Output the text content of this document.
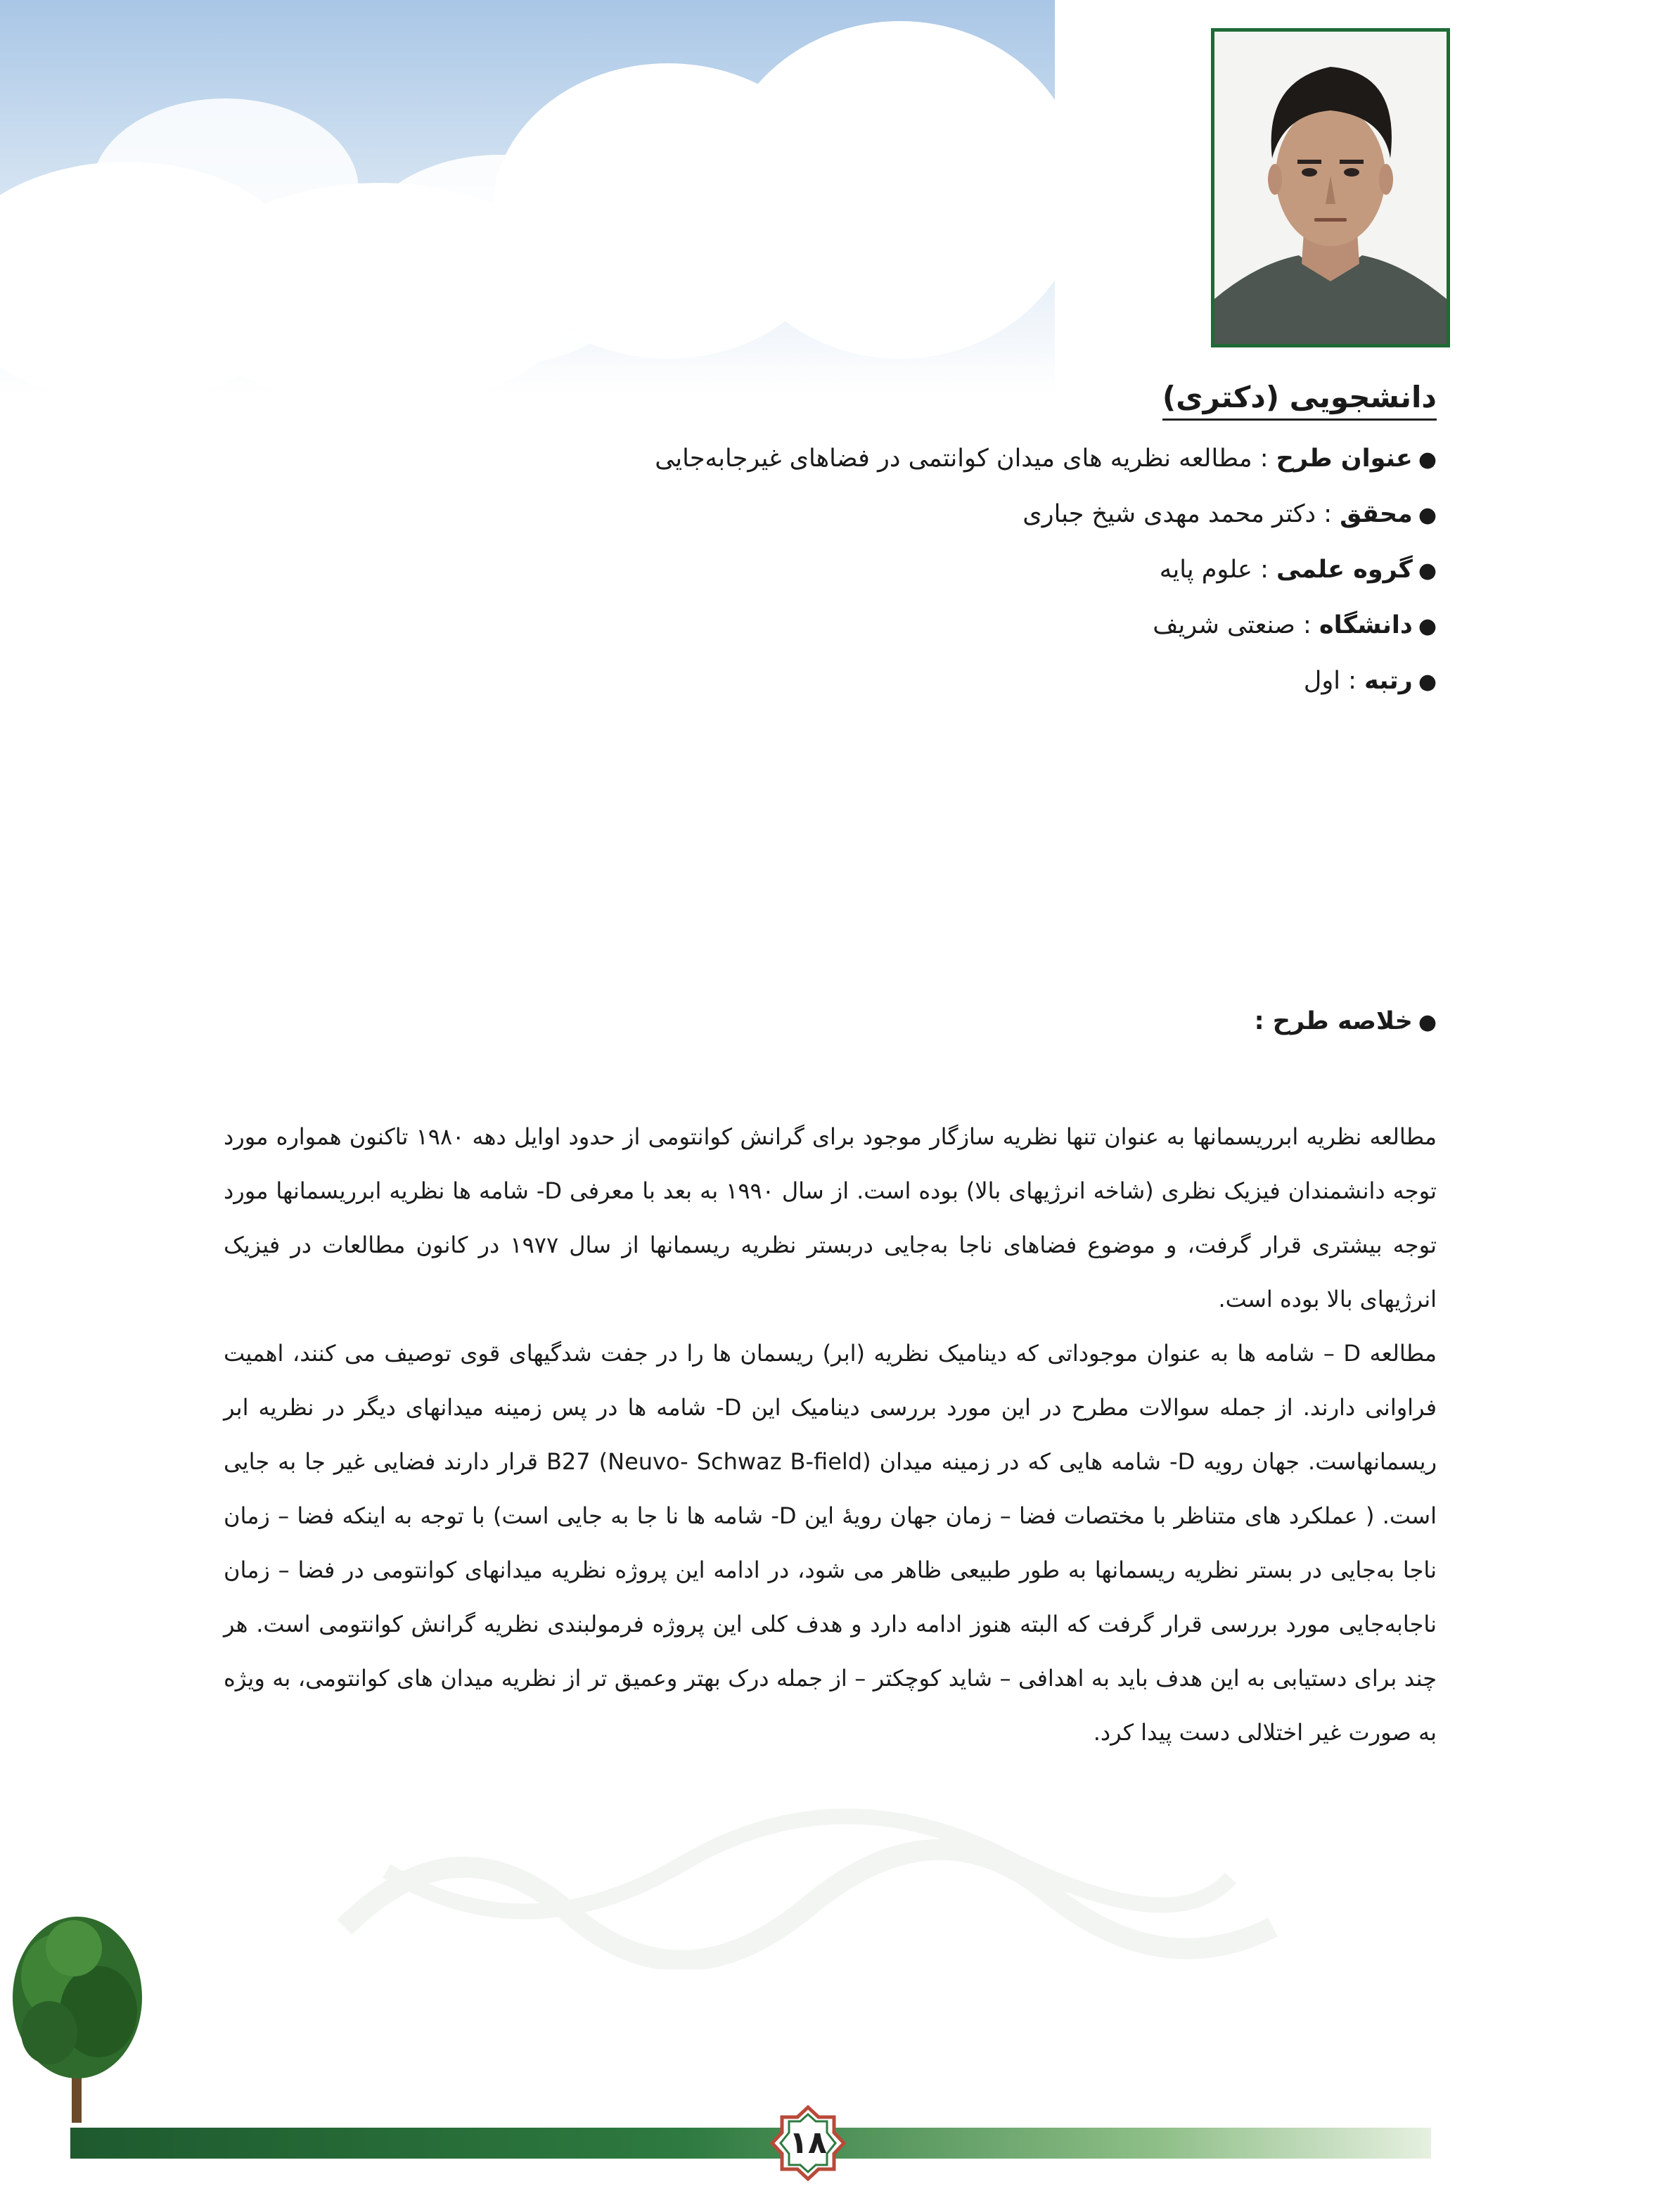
دانشجویی (دکتری)
●عنوان طرح : مطالعه نظریه های میدان کوانتمی در فضاهای غیرجابه‌جایی
●محقق : دکتر محمد مهدی شیخ جباری
●گروه علمی : علوم پایه
●دانشگاه : صنعتی شریف
●رتبه : اول
●خلاصه طرح :

مطالعه نظریه ابرریسمانها به عنوان تنها نظریه سازگار موجود برای گرانش کوانتومی از حدود اوایل دهه ۱۹۸۰ تاکنون همواره مورد توجه دانشمندان فیزیک نظری (شاخه انرژیهای بالا) بوده است. از سال ۱۹۹۰ به بعد با معرفی D- شامه ها نظریه ابرریسمانها مورد توجه بیشتری قرار گرفت، و موضوع فضاهای ناجا به‌جایی دربستر نظریه ریسمانها از سال ۱۹۷۷ در کانون مطالعات در فیزیک انرژیهای بالا بوده است.

مطالعه D – شامه ها به عنوان موجوداتی که دینامیک نظریه (ابر) ریسمان ها را در جفت شدگیهای قوی توصیف می کنند، اهمیت فراوانی دارند. از جمله سوالات مطرح در این مورد بررسی دینامیک این D- شامه ها در پس زمینه میدانهای دیگر در نظریه ابر ریسمانهاست. جهان رویه D- شامه هایی که در زمینه میدان B27 (Neuvo- Schwaz B-field) قرار دارند فضایی غیر جا به جایی است. ( عملکرد های متناظر با مختصات فضا – زمان جهان رویهٔ این D- شامه ها نا جا به جایی است) با توجه به اینکه فضا – زمان ناجا به‌جایی در بستر نظریه ریسمانها به طور طبیعی ظاهر می شود، در ادامه این پروژه نظریه میدانهای کوانتومی در فضا – زمان ناجابه‌جایی مورد بررسی قرار گرفت که البته هنوز ادامه دارد و هدف کلی این پروژه فرمولبندی نظریه گرانش کوانتومی است. هر چند برای دستیابی به این هدف باید به اهدافی – شاید کوچکتر – از جمله درک بهتر وعمیق تر از نظریه میدان های کوانتومی، به ویژه به صورت غیر اختلالی دست پیدا کرد.

۱۸
